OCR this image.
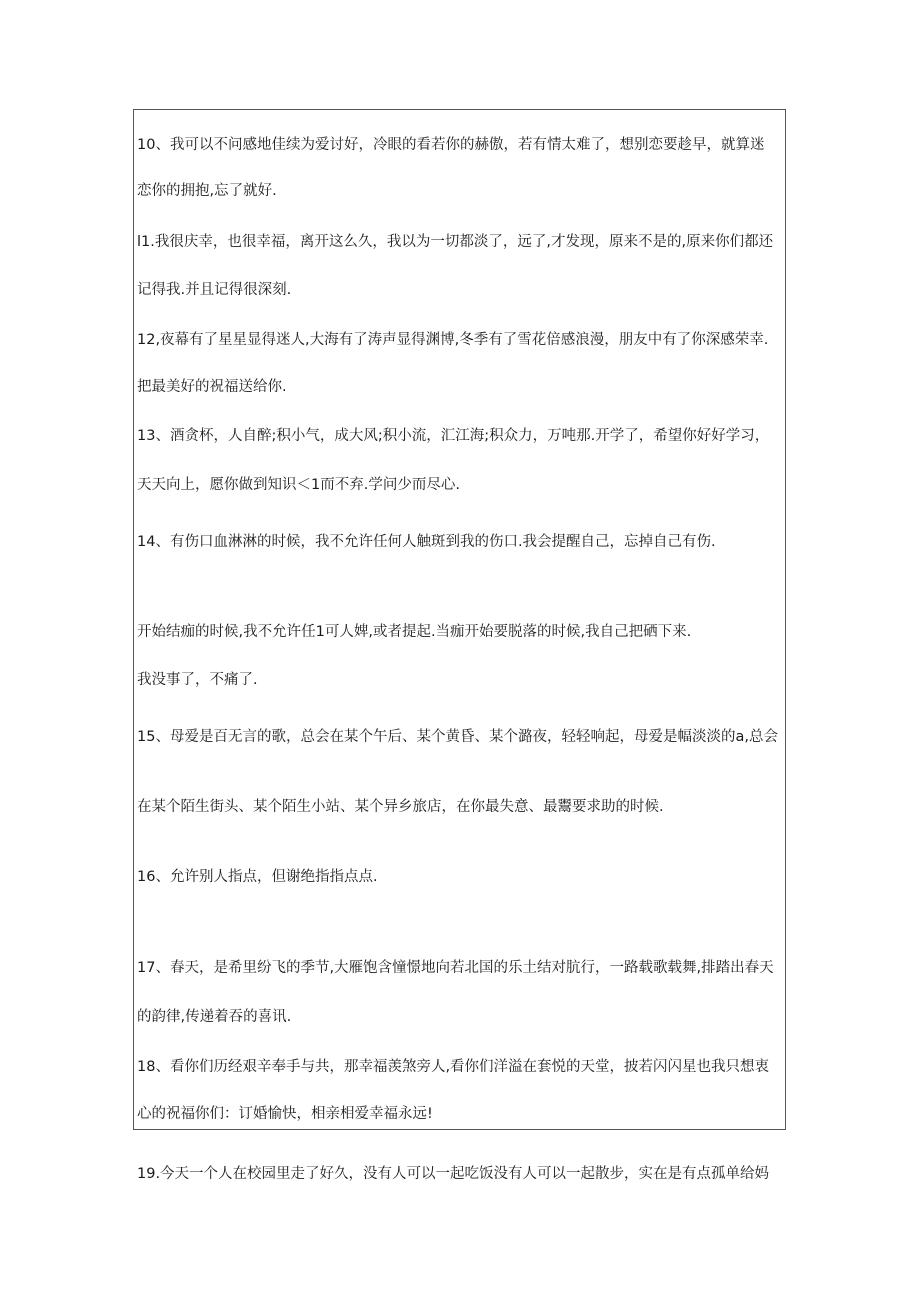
10、我可以不问感地佳续为爱讨好，冷眼的看若你的赫傲，若有情太难了，想别恋要趁早，就算迷
恋你的拥抱,忘了就好.
l1.我很庆幸，也很幸福，离开这么久，我以为一切都淡了，远了,才发现，原来不是的,原来你们都还
记得我.并且记得很深刻.
12,夜幕有了星星显得迷人,大海有了涛声显得渊博,冬季有了雪花倍感浪漫，朋友中有了你深感荣幸.
把最美好的祝福送给你.
13、酒贪杯，人自醉;积小气，成大风;积小流，汇江海;积众力，万吨那.开学了，希望你好好学习，
天天向上，愿你做到知识＜1而不弃.学问少而尽心.
14、有伤口血淋淋的时候，我不允许任何人触斑到我的伤口.我会提醒自己，忘掉自己有伤.
开始结痂的时候,我不允许任1可人婢,或者提起.当痂开始要脱落的时候,我自己把硒下来.
我没事了，不痛了.
15、母爱是百无言的歌，总会在某个午后、某个黄昏、某个潞夜，轻轻响起，母爱是幅淡淡的a,总会
在某个陌生街头、某个陌生小站、某个异乡旅店，在你最失意、最鬻要求助的时候.
16、允许别人指点，但谢绝指指点点.
17、春天，是希里纷飞的季节,大雁饱含憧憬地向若北国的乐土结对肮行，一路载歌载舞,排踏出春天
的韵律,传递着吞的喜讯.
18、看你们历经艰辛奉手与共，那幸福羡煞旁人,看你们洋溢在套悦的天堂，披若闪闪星也我只想衷
心的祝福你们：订婚愉快，相亲相爱幸福永远!
19.今天一个人在校园里走了好久，没有人可以一起吃饭没有人可以一起散步，实在是有点孤单给妈
